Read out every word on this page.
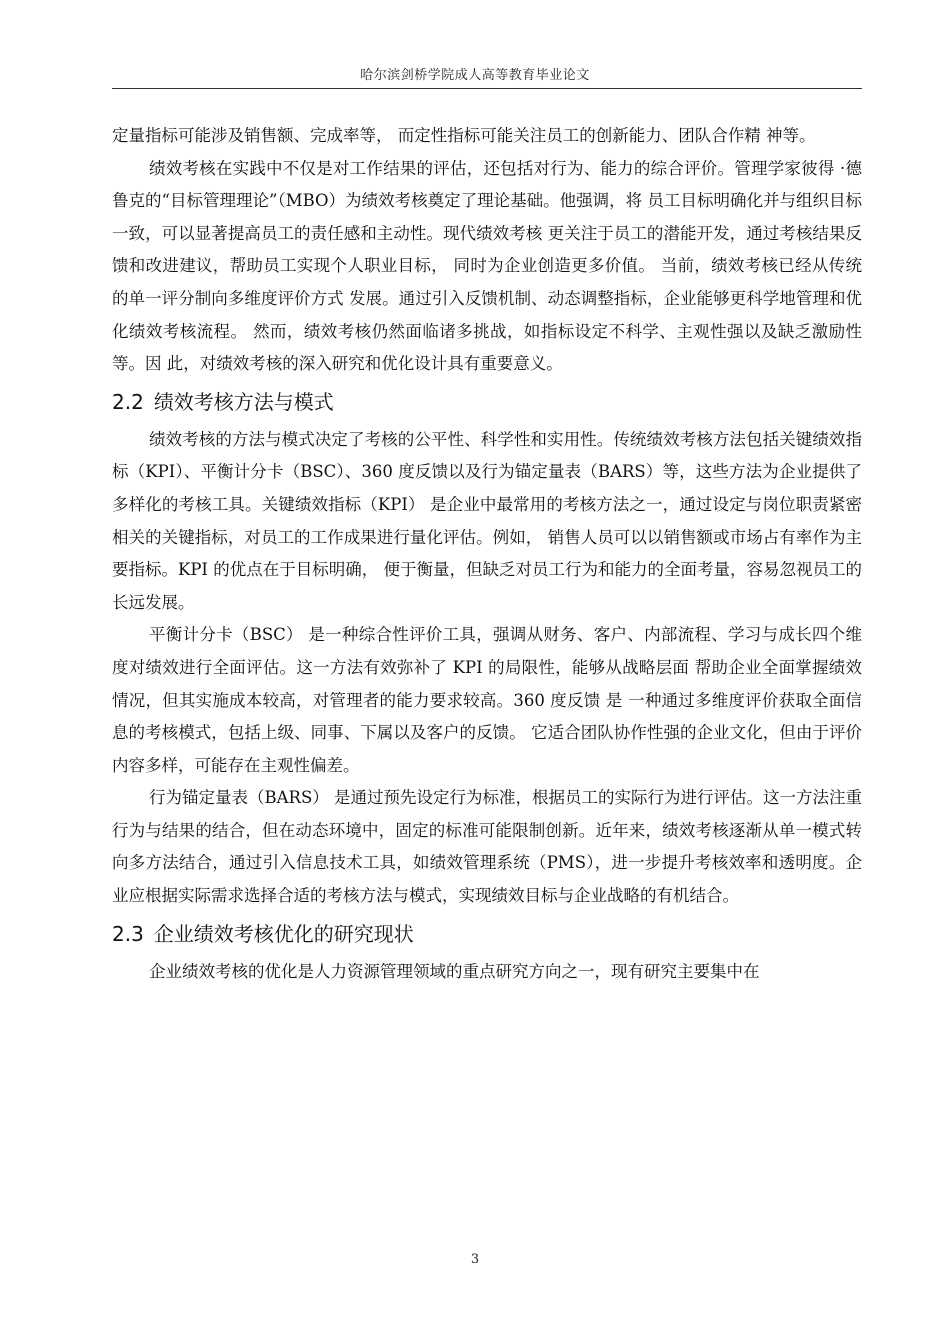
哈尔滨剑桥学院成人高等教育毕业论文

定量指标可能涉及销售额、完成率等， 而定性指标可能关注员工的创新能力、团队合作精 神等。

绩效考核在实践中不仅是对工作结果的评估，还包括对行为、能力的综合评价。管理学家彼得 ·德鲁克的“目标管理理论”（MBO）为绩效考核奠定了理论基础。他强调，将 员工目标明确化并与组织目标一致，可以显著提高员工的责任感和主动性。现代绩效考核 更关注于员工的潜能开发，通过考核结果反馈和改进建议，帮助员工实现个人职业目标， 同时为企业创造更多价值。 当前，绩效考核已经从传统的单一评分制向多维度评价方式 发展。通过引入反馈机制、动态调整指标，企业能够更科学地管理和优化绩效考核流程。 然而，绩效考核仍然面临诸多挑战，如指标设定不科学、主观性强以及缺乏激励性等。因 此，对绩效考核的深入研究和优化设计具有重要意义。

2.2 绩效考核方法与模式

绩效考核的方法与模式决定了考核的公平性、科学性和实用性。传统绩效考核方法包括关键绩效指标（KPI）、平衡计分卡（BSC）、360 度反馈以及行为锚定量表（BARS）等，这些方法为企业提供了多样化的考核工具。关键绩效指标（KPI） 是企业中最常用的考核方法之一，通过设定与岗位职责紧密相关的关键指标，对员工的工作成果进行量化评估。例如， 销售人员可以以销售额或市场占有率作为主要指标。KPI 的优点在于目标明确， 便于衡量，但缺乏对员工行为和能力的全面考量，容易忽视员工的长远发展。

平衡计分卡（BSC） 是一种综合性评价工具，强调从财务、客户、内部流程、学习与成长四个维度对绩效进行全面评估。这一方法有效弥补了 KPI 的局限性，能够从战略层面 帮助企业全面掌握绩效情况，但其实施成本较高，对管理者的能力要求较高。360 度反馈 是 一种通过多维度评价获取全面信息的考核模式，包括上级、同事、下属以及客户的反馈。 它适合团队协作性强的企业文化，但由于评价内容多样，可能存在主观性偏差。

行为锚定量表（BARS） 是通过预先设定行为标准，根据员工的实际行为进行评估。这一方法注重行为与结果的结合，但在动态环境中，固定的标准可能限制创新。近年来，绩效考核逐渐从单一模式转向多方法结合，通过引入信息技术工具，如绩效管理系统（PMS），进一步提升考核效率和透明度。企业应根据实际需求选择合适的考核方法与模式，实现绩效目标与企业战略的有机结合。

2.3 企业绩效考核优化的研究现状

企业绩效考核的优化是人力资源管理领域的重点研究方向之一，现有研究主要集中在

3
